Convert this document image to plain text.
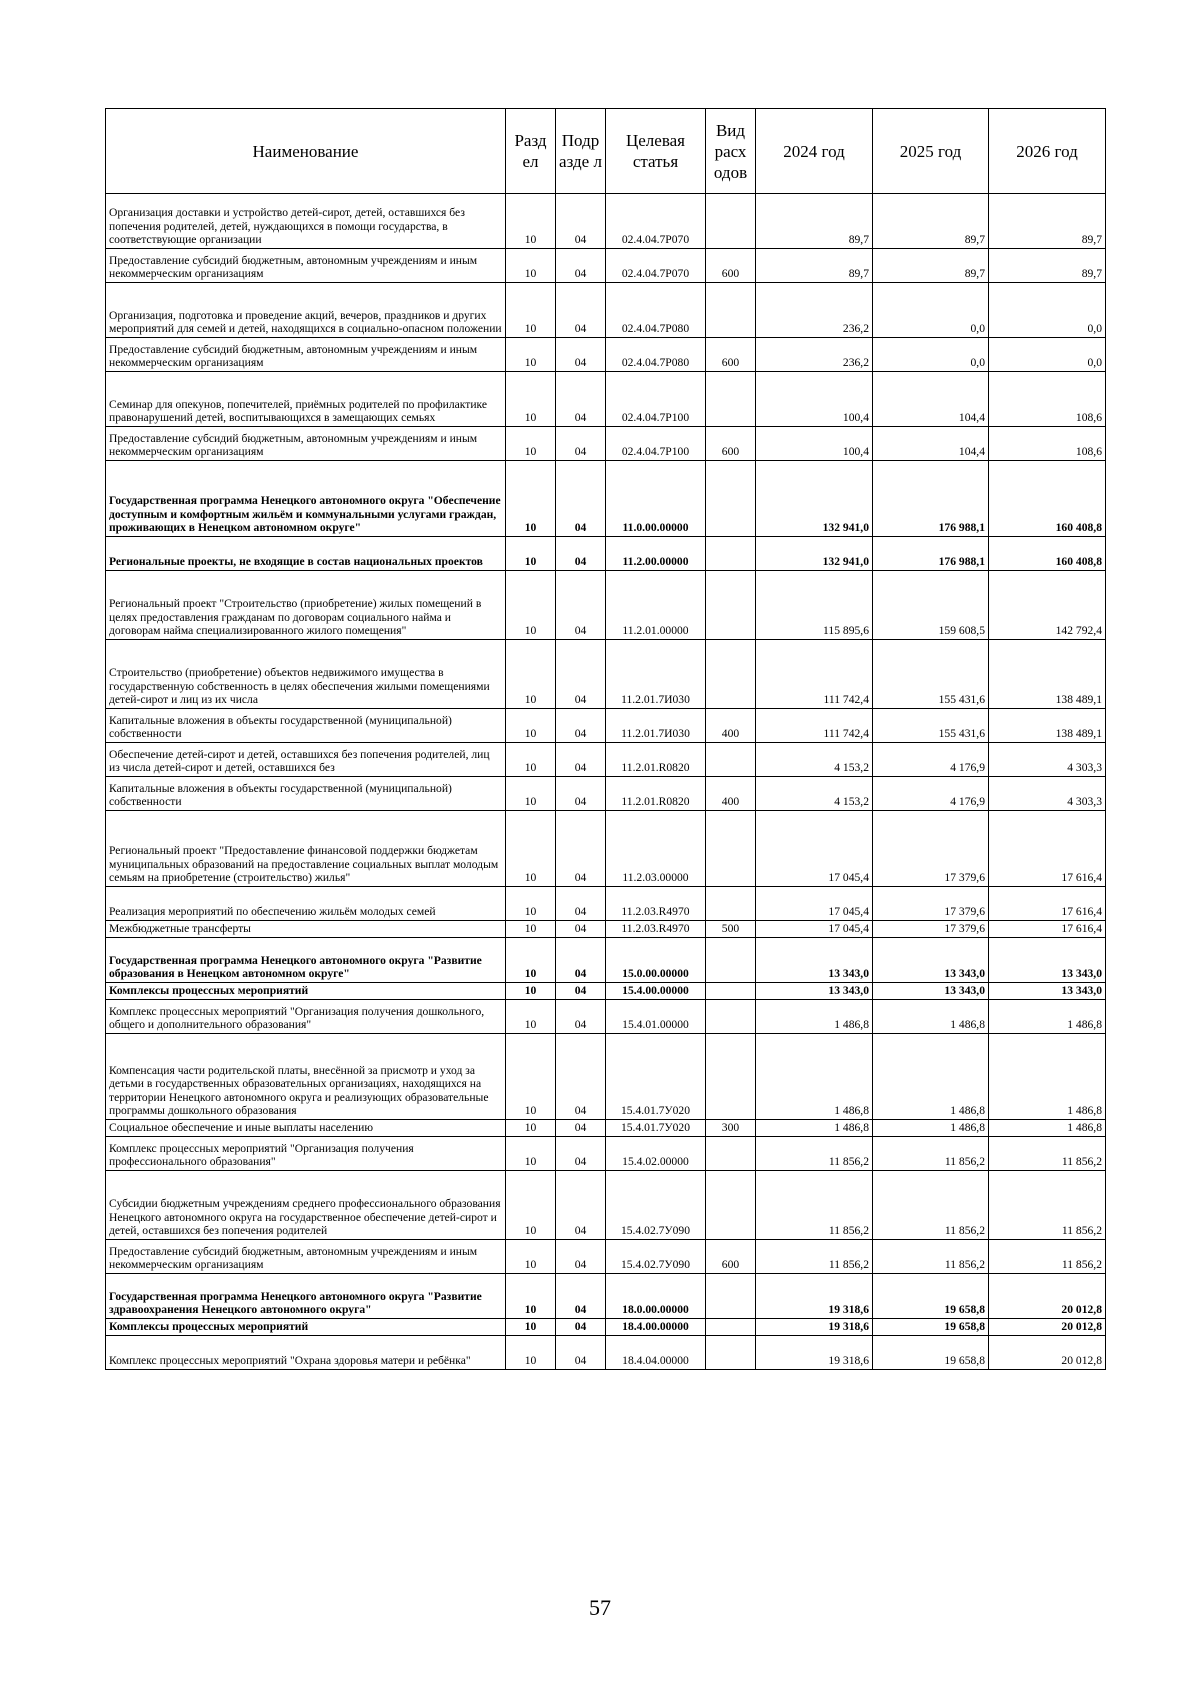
Наименование	Разд ел	Подр азде л	Целевая статья	Вид расх одов	2024 год	2025 год	2026 год
Организация доставки и устройство детей-сирот, детей, оставшихся без попечения родителей, детей, нуждающихся в помощи государства, в соответствующие организации	10	04	02.4.04.7Р070		89,7	89,7	89,7
Предоставление субсидий бюджетным, автономным учреждениям и иным некоммерческим организациям	10	04	02.4.04.7Р070	600	89,7	89,7	89,7
Организация, подготовка и проведение акций, вечеров, праздников и других мероприятий для семей и детей, находящихся в социально-опасном положении	10	04	02.4.04.7Р080		236,2	0,0	0,0
Предоставление субсидий бюджетным, автономным учреждениям и иным некоммерческим организациям	10	04	02.4.04.7Р080	600	236,2	0,0	0,0
Семинар для опекунов, попечителей, приёмных родителей по профилактике правонарушений детей, воспитывающихся в замещающих семьях	10	04	02.4.04.7Р100		100,4	104,4	108,6
Предоставление субсидий бюджетным, автономным учреждениям и иным некоммерческим организациям	10	04	02.4.04.7Р100	600	100,4	104,4	108,6
Государственная программа Ненецкого автономного округа "Обеспечение доступным и комфортным жильём и коммунальными услугами граждан, проживающих в Ненецком автономном округе"	10	04	11.0.00.00000		132 941,0	176 988,1	160 408,8
Региональные проекты, не входящие в состав национальных проектов	10	04	11.2.00.00000		132 941,0	176 988,1	160 408,8
Региональный проект "Строительство (приобретение) жилых помещений в целях предоставления гражданам по договорам социального найма и договорам найма специализированного жилого помещения"	10	04	11.2.01.00000		115 895,6	159 608,5	142 792,4
Строительство (приобретение) объектов недвижимого имущества в государственную собственность в целях обеспечения жилыми помещениями детей-сирот и лиц из их числа	10	04	11.2.01.7И030		111 742,4	155 431,6	138 489,1
Капитальные вложения в объекты государственной (муниципальной) собственности	10	04	11.2.01.7И030	400	111 742,4	155 431,6	138 489,1
Обеспечение детей-сирот и детей, оставшихся без попечения родителей, лиц из числа детей-сирот и детей, оставшихся без	10	04	11.2.01.R0820		4 153,2	4 176,9	4 303,3
Капитальные вложения в объекты государственной (муниципальной) собственности	10	04	11.2.01.R0820	400	4 153,2	4 176,9	4 303,3
Региональный проект "Предоставление финансовой поддержки бюджетам муниципальных образований на предоставление социальных выплат молодым семьям на приобретение (строительство) жилья"	10	04	11.2.03.00000		17 045,4	17 379,6	17 616,4
Реализация мероприятий по обеспечению жильём молодых семей	10	04	11.2.03.R4970		17 045,4	17 379,6	17 616,4
Межбюджетные трансферты	10	04	11.2.03.R4970	500	17 045,4	17 379,6	17 616,4
Государственная программа Ненецкого автономного округа "Развитие образования в Ненецком автономном округе"	10	04	15.0.00.00000		13 343,0	13 343,0	13 343,0
Комплексы процессных мероприятий	10	04	15.4.00.00000		13 343,0	13 343,0	13 343,0
Комплекс процессных мероприятий "Организация получения дошкольного, общего и дополнительного образования"	10	04	15.4.01.00000		1 486,8	1 486,8	1 486,8
Компенсация части родительской платы, внесённой за присмотр и уход за детьми в государственных образовательных организациях, находящихся на территории Ненецкого автономного округа и реализующих образовательные программы дошкольного образования	10	04	15.4.01.7У020		1 486,8	1 486,8	1 486,8
Социальное обеспечение и иные выплаты населению	10	04	15.4.01.7У020	300	1 486,8	1 486,8	1 486,8
Комплекс процессных мероприятий "Организация получения профессионального образования"	10	04	15.4.02.00000		11 856,2	11 856,2	11 856,2
Субсидии бюджетным учреждениям среднего профессионального образования Ненецкого автономного округа на государственное обеспечение детей-сирот и детей, оставшихся без попечения родителей	10	04	15.4.02.7У090		11 856,2	11 856,2	11 856,2
Предоставление субсидий бюджетным, автономным учреждениям и иным некоммерческим организациям	10	04	15.4.02.7У090	600	11 856,2	11 856,2	11 856,2
Государственная программа Ненецкого автономного округа "Развитие здравоохранения Ненецкого автономного округа"	10	04	18.0.00.00000		19 318,6	19 658,8	20 012,8
Комплексы процессных мероприятий	10	04	18.4.00.00000		19 318,6	19 658,8	20 012,8
Комплекс процессных мероприятий "Охрана здоровья матери и ребёнка"	10	04	18.4.04.00000		19 318,6	19 658,8	20 012,8
57
